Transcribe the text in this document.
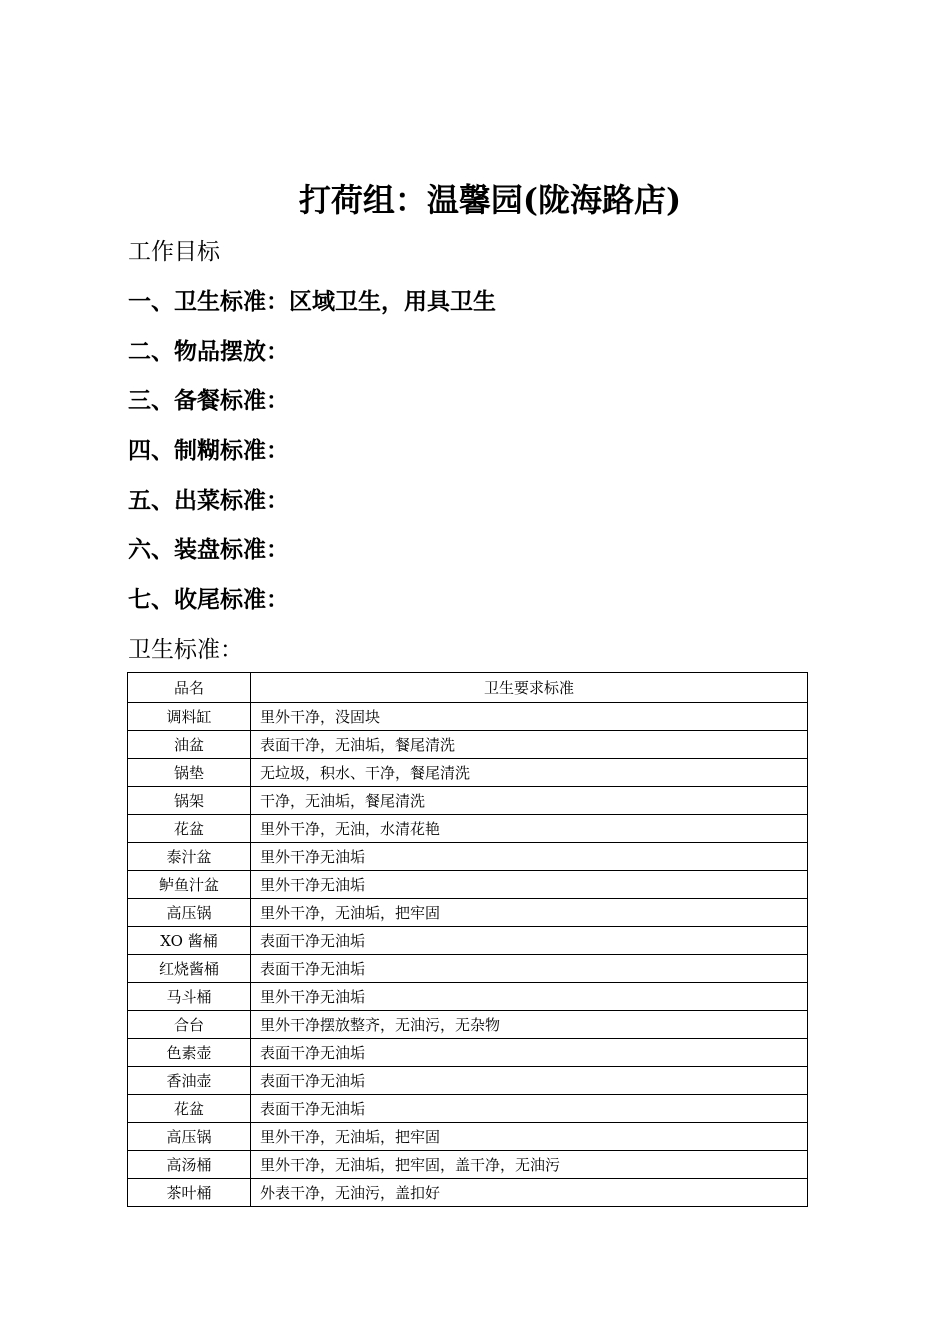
打荷组：温馨园(陇海路店)
工作目标
一、卫生标准：区域卫生，用具卫生
二、物品摆放：
三、备餐标准：
四、制糊标准：
五、出菜标准：
六、装盘标准：
七、收尾标准：
卫生标准：
品名	卫生要求标准
调料缸	里外干净，没固块
油盆	表面干净，无油垢，餐尾清洗
锅垫	无垃圾，积水、干净，餐尾清洗
锅架	干净，无油垢，餐尾清洗
花盆	里外干净，无油，水清花艳
泰汁盆	里外干净无油垢
鲈鱼汁盆	里外干净无油垢
高压锅	里外干净，无油垢，把牢固
XO 酱桶	表面干净无油垢
红烧酱桶	表面干净无油垢
马斗桶	里外干净无油垢
合台	里外干净摆放整齐，无油污，无杂物
色素壶	表面干净无油垢
香油壶	表面干净无油垢
花盆	表面干净无油垢
高压锅	里外干净，无油垢，把牢固
高汤桶	里外干净，无油垢，把牢固，盖干净，无油污
茶叶桶	外表干净，无油污，盖扣好
